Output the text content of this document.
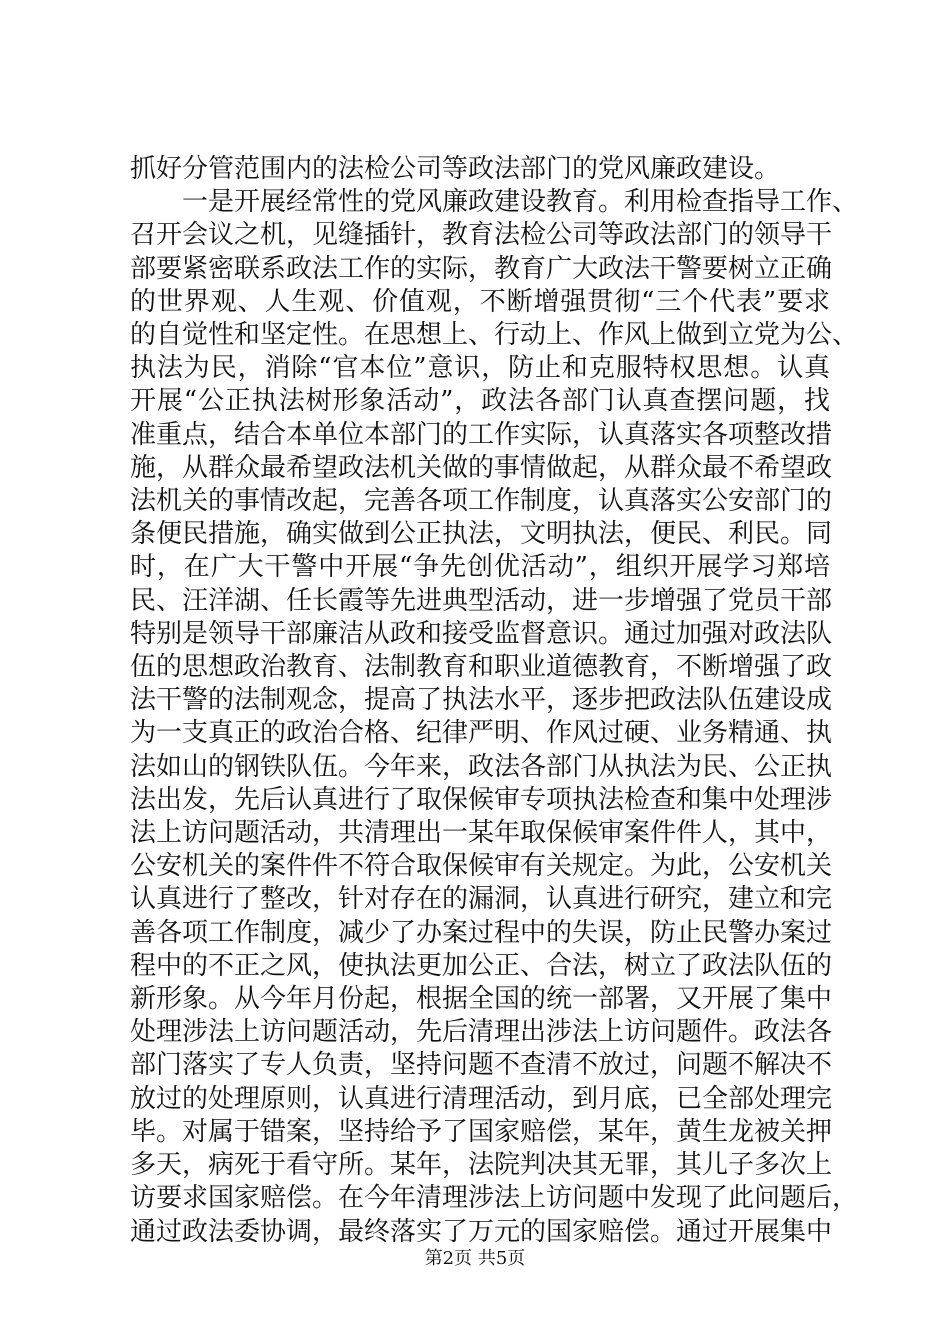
抓好分管范围内的法检公司等政法部门的党风廉政建设。
　　一是开展经常性的党风廉政建设教育。利用检查指导工作、
召开会议之机，见缝插针，教育法检公司等政法部门的领导干
部要紧密联系政法工作的实际，教育广大政法干警要树立正确
的世界观、人生观、价值观，不断增强贯彻“三个代表”要求
的自觉性和坚定性。在思想上、行动上、作风上做到立党为公、
执法为民，消除“官本位”意识，防止和克服特权思想。认真
开展“公正执法树形象活动”，政法各部门认真查摆问题，找
准重点，结合本单位本部门的工作实际，认真落实各项整改措
施，从群众最希望政法机关做的事情做起，从群众最不希望政
法机关的事情改起，完善各项工作制度，认真落实公安部门的
条便民措施，确实做到公正执法，文明执法，便民、利民。同
时，在广大干警中开展“争先创优活动”，组织开展学习郑培
民、汪洋湖、任长霞等先进典型活动，进一步增强了党员干部
特别是领导干部廉洁从政和接受监督意识。通过加强对政法队
伍的思想政治教育、法制教育和职业道德教育，不断增强了政
法干警的法制观念，提高了执法水平，逐步把政法队伍建设成
为一支真正的政治合格、纪律严明、作风过硬、业务精通、执
法如山的钢铁队伍。今年来，政法各部门从执法为民、公正执
法出发，先后认真进行了取保候审专项执法检查和集中处理涉
法上访问题活动，共清理出一某年取保候审案件件人，其中，
公安机关的案件件不符合取保候审有关规定。为此，公安机关
认真进行了整改，针对存在的漏洞，认真进行研究，建立和完
善各项工作制度，减少了办案过程中的失误，防止民警办案过
程中的不正之风，使执法更加公正、合法，树立了政法队伍的
新形象。从今年月份起，根据全国的统一部署，又开展了集中
处理涉法上访问题活动，先后清理出涉法上访问题件。政法各
部门落实了专人负责，坚持问题不查清不放过，问题不解决不
放过的处理原则，认真进行清理活动，到月底，已全部处理完
毕。对属于错案，坚持给予了国家赔偿，某年，黄生龙被关押
多天，病死于看守所。某年，法院判决其无罪，其儿子多次上
访要求国家赔偿。在今年清理涉法上访问题中发现了此问题后，
通过政法委协调，最终落实了万元的国家赔偿。通过开展集中
第2页 共5页
